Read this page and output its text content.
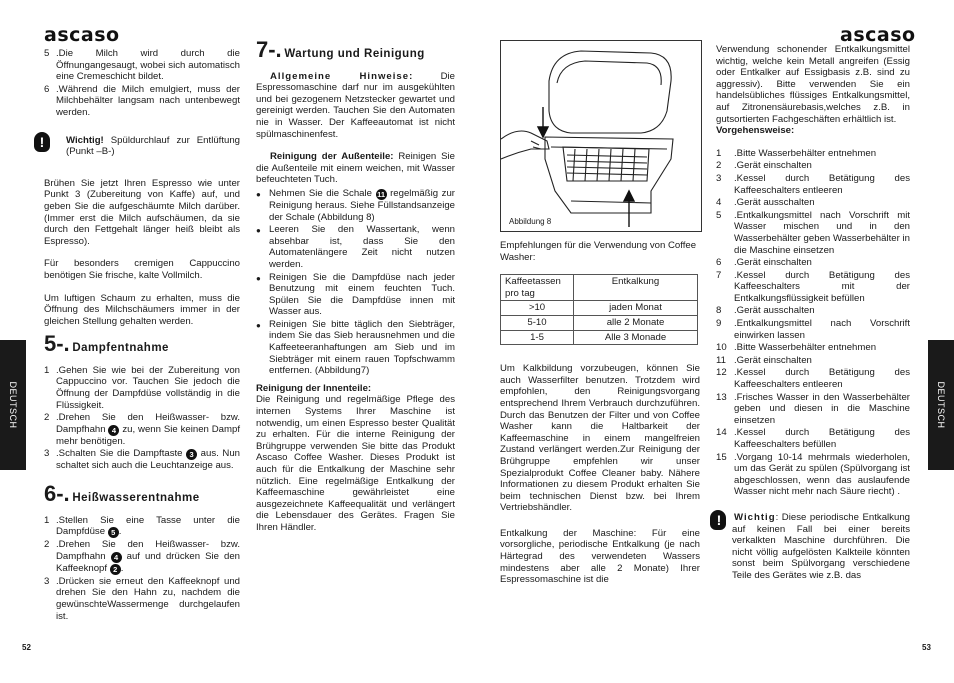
ascaso	ascaso
DEUTSCH	DEUTSCH
52	53
5 .Die Milch wird durch die Öffnungangesaugt, wobei sich automatisch eine Cremeschicht bildet.
6 .Während die Milch emulgiert, muss der Milchbehälter langsam nach untenbewegt werden.
!	Wichtig! Spüldurchlauf zur Entlüftung (Punkt –B-)

Brühen Sie jetzt Ihren Espresso wie unter Punkt 3 (Zubereitung von Kaffe) auf, und geben Sie die aufgeschäumte Milch darüber. (Immer erst die Milch aufschäumen, da sie durch den Fettgehalt länger heiß bleibt als Espresso).

Für besonders cremigen Cappuccino benötigen Sie frische, kalte Vollmilch.

Um luftigen Schaum zu erhalten, muss die Öffnung des Milchschäumers immer in der gleichen Stellung gehalten werden.

5-. Dampfentnahme
1 .Gehen Sie wie bei der Zubereitung von Cappuccino vor. Tauchen Sie jedoch die Öffnung der Dampfdüse vollständig in die Flüssigkeit.
2 .Drehen Sie den Heißwasser- bzw. Dampfhahn 4 zu, wenn Sie keinen Dampf mehr benötigen.
3 .Schalten Sie die Dampftaste 3 aus. Nun schaltet sich auch die Leuchtanzeige aus.
6-. Heißwasserentnahme
1 .Stellen Sie eine Tasse unter die Dampfdüse 5 .
2 .Drehen Sie den Heißwasser- bzw. Dampfhahn 4 auf und drücken Sie den Kaffeeknopf 2 .
3 .Drücken sie erneut den Kaffeeknopf und drehen Sie den Hahn zu, nachdem die gewünschteWassermenge durchgelaufen ist.
7-. Wartung und Reinigung

Allgemeine Hinweise: Die Espressomaschine darf nur im ausgekühlten und bei gezogenem Netzstecker gewartet und gereinigt werden. Tauchen Sie den Automaten nie in Wasser. Der Kaffeeautomat ist nicht spülmaschinenfest.

Reinigung der Außenteile: Reinigen Sie die Außenteile mit einem weichen, mit Wasser befeuchteten Tuch.

● Nehmen Sie die Schale 11 regelmäßig zur Reinigung heraus. Siehe Füllstandsanzeige der Schale (Abbildung 8)
● Leeren Sie den Wassertank, wenn absehbar ist, dass Sie den Automatenlängere Zeit nicht nutzen werden.
● Reinigen Sie die Dampfdüse nach jeder Benutzung mit einem feuchten Tuch. Spülen Sie die Dampfdüse innen mit Wasser aus.
● Reinigen Sie bitte täglich den Siebträger, indem Sie das Sieb herausnehmen und die Kaffeeteeranhaftungen am Sieb und im Siebträger mit einem rauen Topfschwamm entfernen. (Abbildung7)
Reinigung der Innenteile:

Die Reinigung und regelmäßige Pflege des internen Systems Ihrer Maschine ist notwendig, um einen Espresso bester Qualität zu erhalten. Für die interne Reinigung der Brühgruppe verwenden Sie bitte das Produkt Ascaso Coffee Washer. Dieses Produkt ist auch für die Entkalkung der Maschine sehr nützlich. Eine regelmäßige Entkalkung der Kaffeemaschine gewährleistet eine ausgezeichnete Kaffeequalität und verlängert die Lebensdauer des Gerätes. Fragen Sie Ihren Händler.

Abbildung 8

Empfehlungen für die Verwendung von Coffee Washer:

Kaffeetassen pro tag	Entkalkung
>10	jaden Monat
5-10	alle 2 Monate
1-5	Alle 3 Monade

Um Kalkbildung vorzubeugen, können Sie auch Wasserfilter benutzen. Trotzdem wird empfohlen, den Reinigungsvorgang entsprechend Ihrem Verbrauch durchzuführen. Durch das Benutzen der Filter und von Coffee Washer kann die Haltbarkeit der Kaffeemaschine in einem mangelfreien Zustand verlängert werden.Zur Reinigung der Brühgruppe empfehlen wir unser Spezialprodukt Coffee Cleaner baby. Nähere Informationen zu diesem Produkt erhalten Sie beim technischen Dienst bzw. bei Ihrem Vertriebshändler.

Entkalkung der Maschine: Für eine vorsorgliche, periodische Entkalkung (je nach Härtegrad des verwendeten Wassers mindestens aber alle 2 Monate) Ihrer Espressomaschine ist die

Verwendung schonender Entkalkungsmittel wichtig, welche kein Metall angreifen (Essig oder Entkalker auf Essigbasis z.B. sind zu aggressiv). Bitte verwenden Sie ein handelsübliches flüssiges Entkalkungsmittel, auf Zitronensäurebasis,welches z.B. in gutsortierten Fachgeschäften erhältlich ist.

Vorgehensweise:
1 .Bitte Wasserbehälter entnehmen
2 .Gerät einschalten
3 .Kessel durch Betätigung des Kaffeeschalters entleeren
4 .Gerät ausschalten
5 .Entkalkungsmittel nach Vorschrift mit Wasser mischen und in den Wasserbehälter geben Wasserbehälter in die Maschine einsetzen
6 .Gerät einschalten
7 .Kessel durch Betätigung des Kaffeeschalters mit der Entkalkungsflüssigkeit befüllen
8 .Gerät ausschalten
9 .Entkalkungsmittel nach Vorschrift einwirken lassen
10 .Bitte Wasserbehälter entnehmen
11 .Gerät einschalten
12 .Kessel durch Betätigung des Kaffeeschalters entleeren
13 .Frisches Wasser in den Wasserbehälter geben und diesen in die Maschine einsetzen
14 .Kessel durch Betätigung des Kaffeeschalters befüllen
15 .Vorgang 10-14 mehrmals wiederholen, um das Gerät zu spülen (Spülvorgang ist abgeschlossen, wenn das auslaufende Wasser nicht mehr nach Säure riecht) .
!	Wichtig: Diese periodische Entkalkung auf keinen Fall bei einer bereits verkalkten Maschine durchführen. Die nicht völlig aufgelösten Kalkteile könnten sonst beim Spülvorgang verschiedene Teile des Gerätes wie z.B. das
